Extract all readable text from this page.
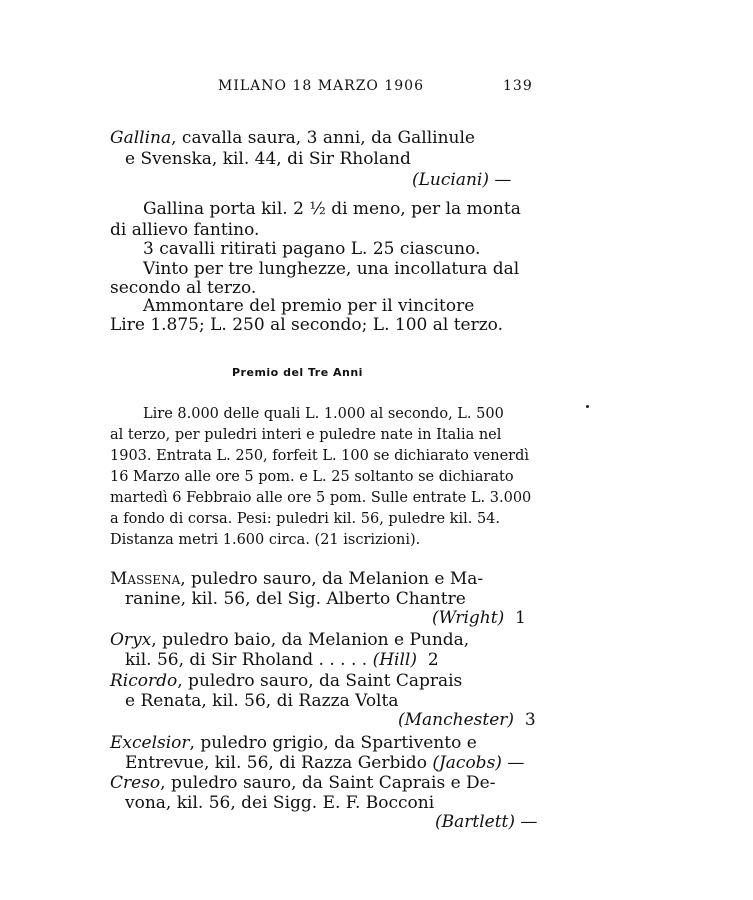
MILANO 18 MARZO 1906	139
Gallina, cavalla saura, 3 anni, da Gallinule
e Svenska, kil. 44, di Sir Rholand
(Luciani) —
Gallina porta kil. 2 ½ di meno, per la monta
di allievo fantino.
3 cavalli ritirati pagano L. 25 ciascuno.
Vinto per tre lunghezze, una incollatura dal
secondo al terzo.
Ammontare del premio per il vincitore
Lire 1.875; L. 250 al secondo; L. 100 al terzo.
Premio del Tre Anni
Lire 8.000 delle quali L. 1.000 al secondo, L. 500
al terzo, per puledri interi e puledre nate in Italia nel
1903. Entrata L. 250, forfeit L. 100 se dichiarato venerdì
16 Marzo alle ore 5 pom. e L. 25 soltanto se dichiarato
martedì 6 Febbraio alle ore 5 pom. Sulle entrate L. 3.000
a fondo di corsa. Pesi: puledri kil. 56, puledre kil. 54.
Distanza metri 1.600 circa. (21 iscrizioni).
Massena, puledro sauro, da Melanion e Ma-
ranine, kil. 56, del Sig. Alberto Chantre
(Wright) 1
Oryx, puledro baio, da Melanion e Punda,
kil. 56, di Sir Rholand . . . . . (Hill) 2
Ricordo, puledro sauro, da Saint Caprais
e Renata, kil. 56, di Razza Volta
(Manchester) 3
Excelsior, puledro grigio, da Spartivento e
Entrevue, kil. 56, di Razza Gerbido (Jacobs) —
Creso, puledro sauro, da Saint Caprais e De-
vona, kil. 56, dei Sigg. E. F. Bocconi
(Bartlett) —
